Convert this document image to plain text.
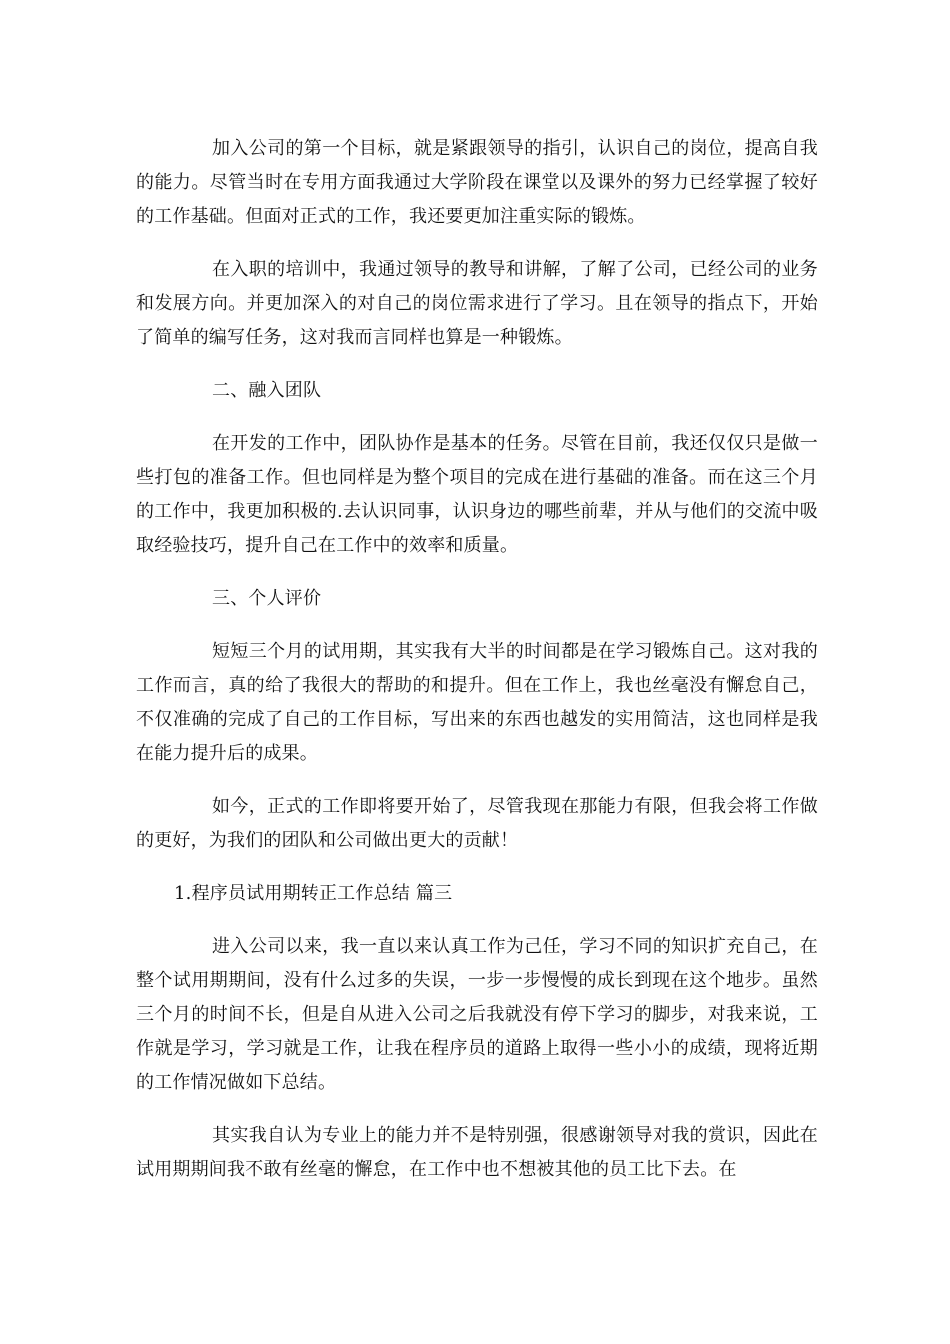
加入公司的第一个目标，就是紧跟领导的指引，认识自己的岗位，提高自我的能力。尽管当时在专用方面我通过大学阶段在课堂以及课外的努力已经掌握了较好的工作基础。但面对正式的工作，我还要更加注重实际的锻炼。

在入职的培训中，我通过领导的教导和讲解，了解了公司，已经公司的业务和发展方向。并更加深入的对自己的岗位需求进行了学习。且在领导的指点下，开始了简单的编写任务，这对我而言同样也算是一种锻炼。

二、融入团队

在开发的工作中，团队协作是基本的任务。尽管在目前，我还仅仅只是做一些打包的准备工作。但也同样是为整个项目的完成在进行基础的准备。而在这三个月的工作中，我更加积极的.去认识同事，认识身边的哪些前辈，并从与他们的交流中吸取经验技巧，提升自己在工作中的效率和质量。

三、个人评价

短短三个月的试用期，其实我有大半的时间都是在学习锻炼自己。这对我的工作而言，真的给了我很大的帮助的和提升。但在工作上，我也丝毫没有懈怠自己，不仅准确的完成了自己的工作目标，写出来的东西也越发的实用简洁，这也同样是我在能力提升后的成果。

如今，正式的工作即将要开始了，尽管我现在那能力有限，但我会将工作做的更好，为我们的团队和公司做出更大的贡献！

1.程序员试用期转正工作总结 篇三

进入公司以来，我一直以来认真工作为己任，学习不同的知识扩充自己，在整个试用期期间，没有什么过多的失误，一步一步慢慢的成长到现在这个地步。虽然三个月的时间不长，但是自从进入公司之后我就没有停下学习的脚步，对我来说，工作就是学习，学习就是工作，让我在程序员的道路上取得一些小小的成绩，现将近期的工作情况做如下总结。

其实我自认为专业上的能力并不是特别强，很感谢领导对我的赏识，因此在试用期期间我不敢有丝毫的懈怠，在工作中也不想被其他的员工比下去。在
